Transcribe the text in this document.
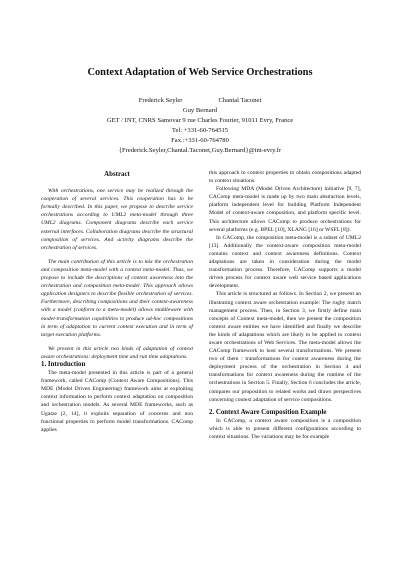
Context Adaptation of Web Service Orchestrations
Frederick Seyler	Chantal Taconet
Guy Bernard
GET / INT, CNRS Samovar 9 rue Charles Fourier, 91011 Evry, France
Tel: +331-60-764515
Fax.:+331-60-764780
{Frederick.Seyler,Chantal.Taconet,Guy.Bernard}@int-evry.fr
Abstract

With orchestrations, one service may be realized through the cooperation of several services. This cooperation has to be formally described. In this paper, we propose to describe service orchestrations according to UML2 meta-model through three UML2 diagrams. Component diagrams describe each service external interfaces. Collaboration diagrams describe the structural composition of services. And activity diagrams describe the orchestration of services.

The main contribution of this article is to mix the orchestration and composition meta-model with a context meta-model. Thus, we propose to include the descriptions of context awareness into the orchestration and composition meta-model. This approach allows application designers to describe flexible orchestration of services. Furthermore, describing compositions and their context-awareness with a model (conform to a meta-model) allows middleware with model-transformation capabilities to produce ad-hoc compositions in term of adaptation to current context execution and in term of target execution platforms.

We present in this article two kinds of adaptation of context aware orchestrations: deployment time and run time adaptations.

1. Introduction

The meta-model presented in this article is part of a general framework, called CAComp (Context Aware Compositions). This MDE (Model Driven Engineering) framework aims at exploiting context information to perform context adaptation on composition and orchestration models. As several MDE frameworks, such as Ugatze [2, 14], it exploits separation of concerns and non functional properties to perform model transformations. CAComp applies

this approach to context properties to obtain compositions adapted to context situations.

Following MDA (Model Driven Architecture) initiative [9, 7], CAComp meta-model is made up by two main abstraction levels, platform independent level for building Platform Independent Model of context-aware composition, and platform specific level. This architecture allows CAComp to produce orchestrations for several platforms (e.g. BPEL [10], XLANG [16] or WSFL [8]).

In CAComp, the composition meta-model is a subset of UML2 [13]. Additionally the context-aware composition meta-model contains context and context awareness definitions. Context adaptations are taken in consideration during the model transformation process. Therefore, CAComp supports a model driven process for context aware web service based applications development.

This article is structured as follows. In Section 2, we present an illustrating context aware orchestration example: The rugby match management process. Then, in Section 3, we firstly define main concepts of Context meta-model, then we present the composition context aware entities we have identified and finally we describe the kinds of adaptations which are likely to be applied to context aware orchestrations of Web Services. The meta-model allows the CAComp framework to host several transformations. We present two of them : transformations for context awareness during the deployment process of the orchestration in Section 4 and transformations for context awareness during the runtime of the orchestrations in Section 5. Finally, Section 6 concludes the article, compares our proposition to related works and draws perspectives concerning context adaptation of service compositions.

2. Context Aware Composition Example

In CAComp, a context aware composition is a composition which is able to present different configurations according to context situations. The variations may be for example
